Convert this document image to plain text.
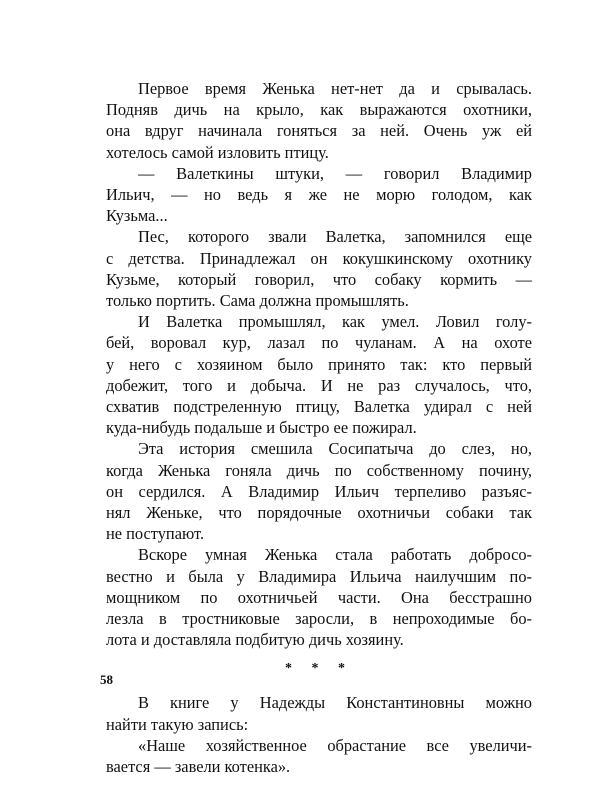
Первое время Женька нет-нет да и срывалась.
Подняв дичь на крыло, как выражаются охотники,
она вдруг начинала гоняться за ней. Очень уж ей
хотелось самой изловить птицу.

— Валеткины штуки, — говорил Владимир
Ильич, — но ведь я же не морю голодом, как
Кузьма...

Пес, которого звали Валетка, запомнился еще
с детства. Принадлежал он кокушкинскому охотнику
Кузьме, который говорил, что собаку кормить —
только портить. Сама должна промышлять.

И Валетка промышлял, как умел. Ловил голу-
бей, воровал кур, лазал по чуланам. А на охоте
у него с хозяином было принято так: кто первый
добежит, того и добыча. И не раз случалось, что,
схватив подстреленную птицу, Валетка удирал с ней
куда-нибудь подальше и быстро ее пожирал.

Эта история смешила Сосипатыча до слез, но,
когда Женька гоняла дичь по собственному почину,
он сердился. А Владимир Ильич терпеливо разъяс-
нял Женьке, что порядочные охотничьи собаки так
не поступают.

Вскоре умная Женька стала работать добросо-
вестно и была у Владимира Ильича наилучшим по-
мощником по охотничьей части. Она бесстрашно
лезла в тростниковые заросли, в непроходимые бо-
лота и доставляла подбитую дичь хозяину.

* * *

В книге у Надежды Константиновны можно
найти такую запись:

«Наше хозяйственное обрастание все увеличи-
вается — завели котенка».

58
